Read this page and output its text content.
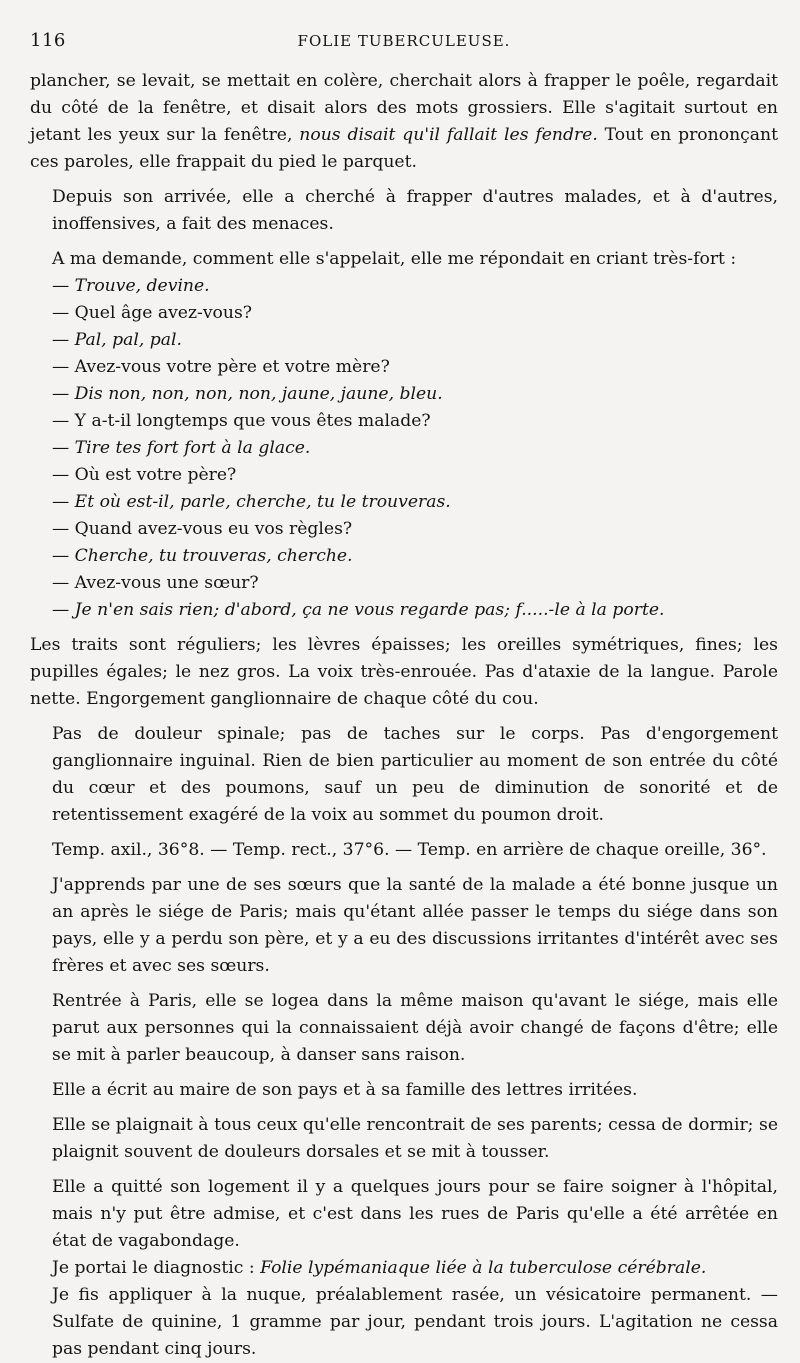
116	FOLIE TUBERCULEUSE.

plancher, se levait, se mettait en colère, cherchait alors à frapper le poêle, regardait du côté de la fenêtre, et disait alors des mots grossiers. Elle s'agitait surtout en jetant les yeux sur la fenêtre, nous disait qu'il fallait les fendre. Tout en prononçant ces paroles, elle frappait du pied le parquet.

Depuis son arrivée, elle a cherché à frapper d'autres malades, et à d'autres, inoffensives, a fait des menaces.

A ma demande, comment elle s'appelait, elle me répondait en criant très-fort :

— Trouve, devine.
— Quel âge avez-vous?
— Pal, pal, pal.
— Avez-vous votre père et votre mère?
— Dis non, non, non, non, jaune, jaune, bleu.
— Y a-t-il longtemps que vous êtes malade?
— Tire tes fort fort à la glace.
— Où est votre père?
— Et où est-il, parle, cherche, tu le trouveras.
— Quand avez-vous eu vos règles?
— Cherche, tu trouveras, cherche.
— Avez-vous une sœur?
— Je n'en sais rien; d'abord, ça ne vous regarde pas; f.....-le à la porte.

Les traits sont réguliers; les lèvres épaisses; les oreilles symétriques, fines; les pupilles égales; le nez gros. La voix très-enrouée. Pas d'ataxie de la langue. Parole nette. Engorgement ganglionnaire de chaque côté du cou.

Pas de douleur spinale; pas de taches sur le corps. Pas d'engorgement ganglionnaire inguinal. Rien de bien particulier au moment de son entrée du côté du cœur et des poumons, sauf un peu de diminution de sonorité et de retentissement exagéré de la voix au sommet du poumon droit.

Temp. axil., 36°8. — Temp. rect., 37°6. — Temp. en arrière de chaque oreille, 36°.

J'apprends par une de ses sœurs que la santé de la malade a été bonne jusque un an après le siége de Paris; mais qu'étant allée passer le temps du siége dans son pays, elle y a perdu son père, et y a eu des discussions irritantes d'intérêt avec ses frères et avec ses sœurs.

Rentrée à Paris, elle se logea dans la même maison qu'avant le siége, mais elle parut aux personnes qui la connaissaient déjà avoir changé de façons d'être; elle se mit à parler beaucoup, à danser sans raison.

Elle a écrit au maire de son pays et à sa famille des lettres irritées.

Elle se plaignait à tous ceux qu'elle rencontrait de ses parents; cessa de dormir; se plaignit souvent de douleurs dorsales et se mit à tousser.

Elle a quitté son logement il y a quelques jours pour se faire soigner à l'hôpital, mais n'y put être admise, et c'est dans les rues de Paris qu'elle a été arrêtée en état de vagabondage.

Je portai le diagnostic : Folie lypémaniaque liée à la tuberculose cérébrale.

Je fis appliquer à la nuque, préalablement rasée, un vésicatoire permanent. — Sulfate de quinine, 1 gramme par jour, pendant trois jours. L'agitation ne cessa pas pendant cinq jours.
